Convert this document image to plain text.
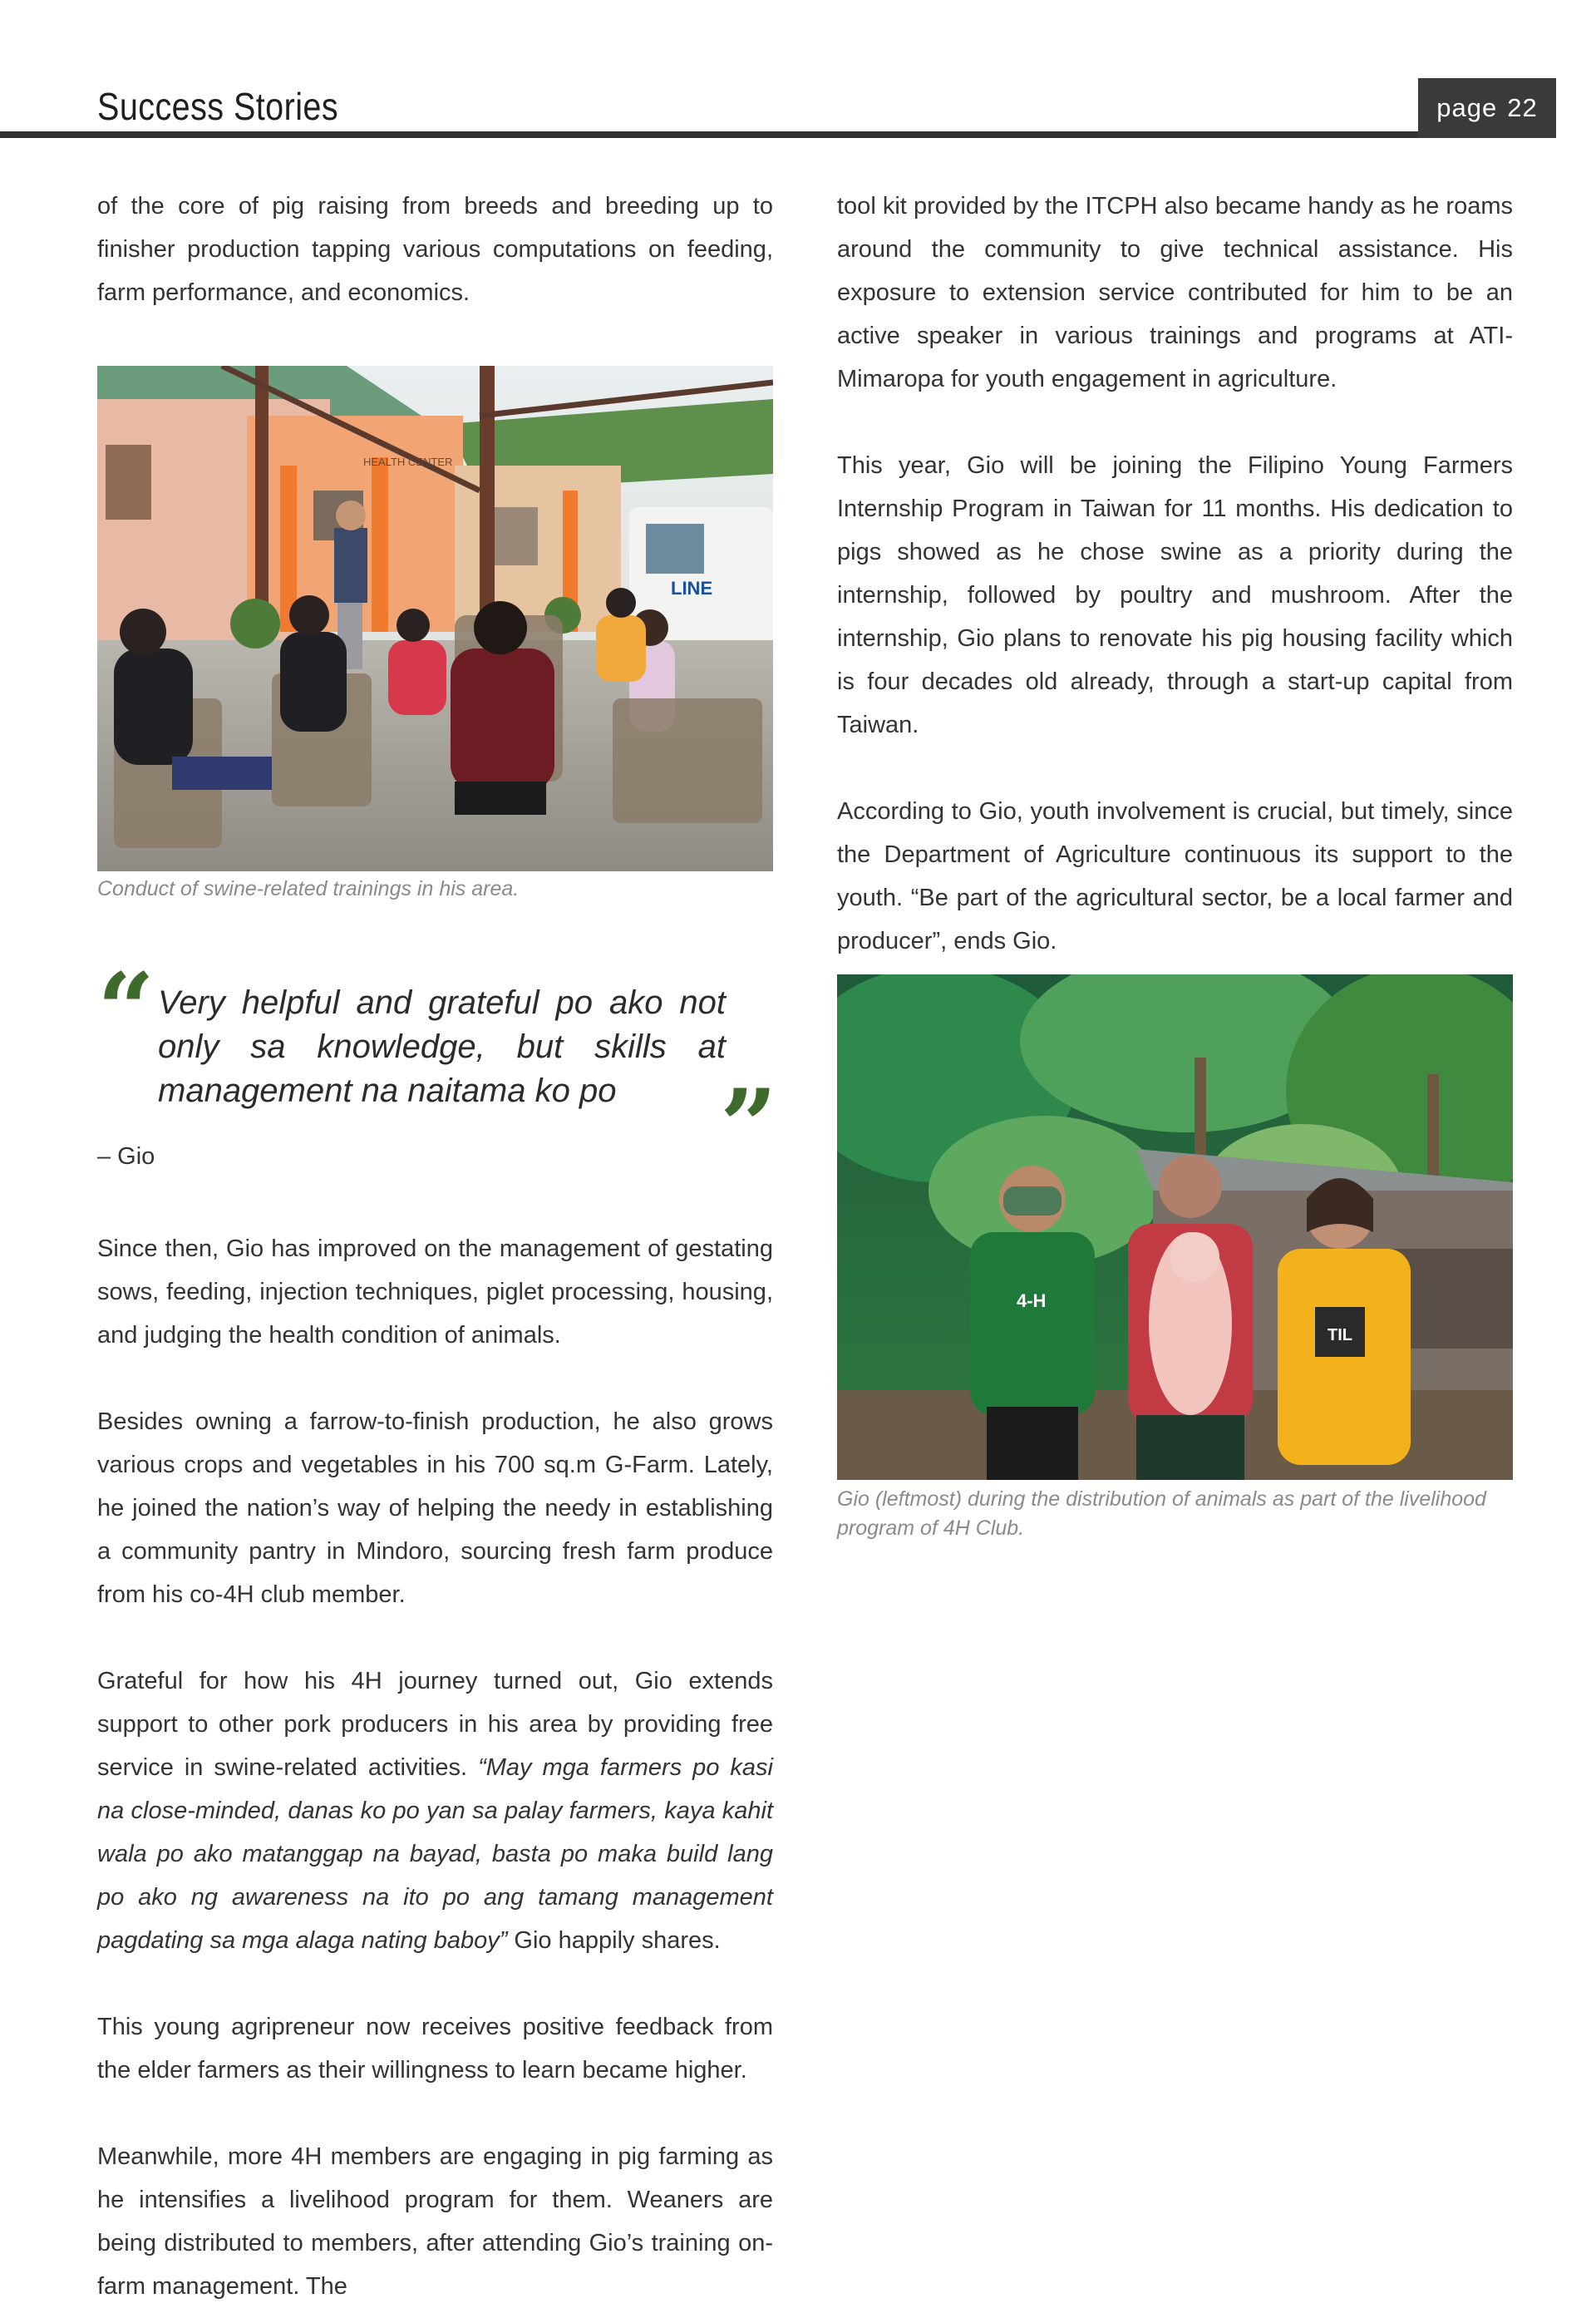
Success Stories	page 22

of the core of pig raising from breeds and breeding up to finisher production tapping various computations on feeding, farm performance, and economics.

HEALTH CENTER
LINE
Conduct of swine-related trainings in his area.
“ Very helpful and grateful po ako not only sa knowledge, but skills at management na naitama ko po	”
– Gio

Since then, Gio has improved on the management of gestating sows, feeding, injection techniques, piglet processing, housing, and judging the health condition of animals.

Besides owning a farrow-to-finish production, he also grows various crops and vegetables in his 700 sq.m G-Farm. Lately, he joined the nation’s way of helping the needy in establishing a community pantry in Mindoro, sourcing fresh farm produce from his co-4H club member.

Grateful for how his 4H journey turned out, Gio extends support to other pork producers in his area by providing free service in swine-related activities. “May mga farmers po kasi na close-minded, danas ko po yan sa palay farmers, kaya kahit wala po ako matanggap na bayad, basta po maka build lang po ako ng awareness na ito po ang tamang management pagdating sa mga alaga nating baboy” Gio happily shares.

This young agripreneur now receives positive feedback from the elder farmers as their willingness to learn became higher.

Meanwhile, more 4H members are engaging in pig farming as he intensifies a livelihood program for them. Weaners are being distributed to members, after attending Gio’s training on-farm management. The

tool kit provided by the ITCPH also became handy as he roams around the community to give technical assistance. His exposure to extension service contributed for him to be an active speaker in various trainings and programs at ATI-Mimaropa for youth engagement in agriculture.

This year, Gio will be joining the Filipino Young Farmers Internship Program in Taiwan for 11 months. His dedication to pigs showed as he chose swine as a priority during the internship, followed by poultry and mushroom. After the internship, Gio plans to renovate his pig housing facility which is four decades old already, through a start-up capital from Taiwan.

According to Gio, youth involvement is crucial, but timely, since the Department of Agriculture continuous its support to the youth. “Be part of the agricultural sector, be a local farmer and producer”, ends Gio.

4-H
TIL
Gio (leftmost) during the distribution of animals as part of the livelihood program of 4H Club.
